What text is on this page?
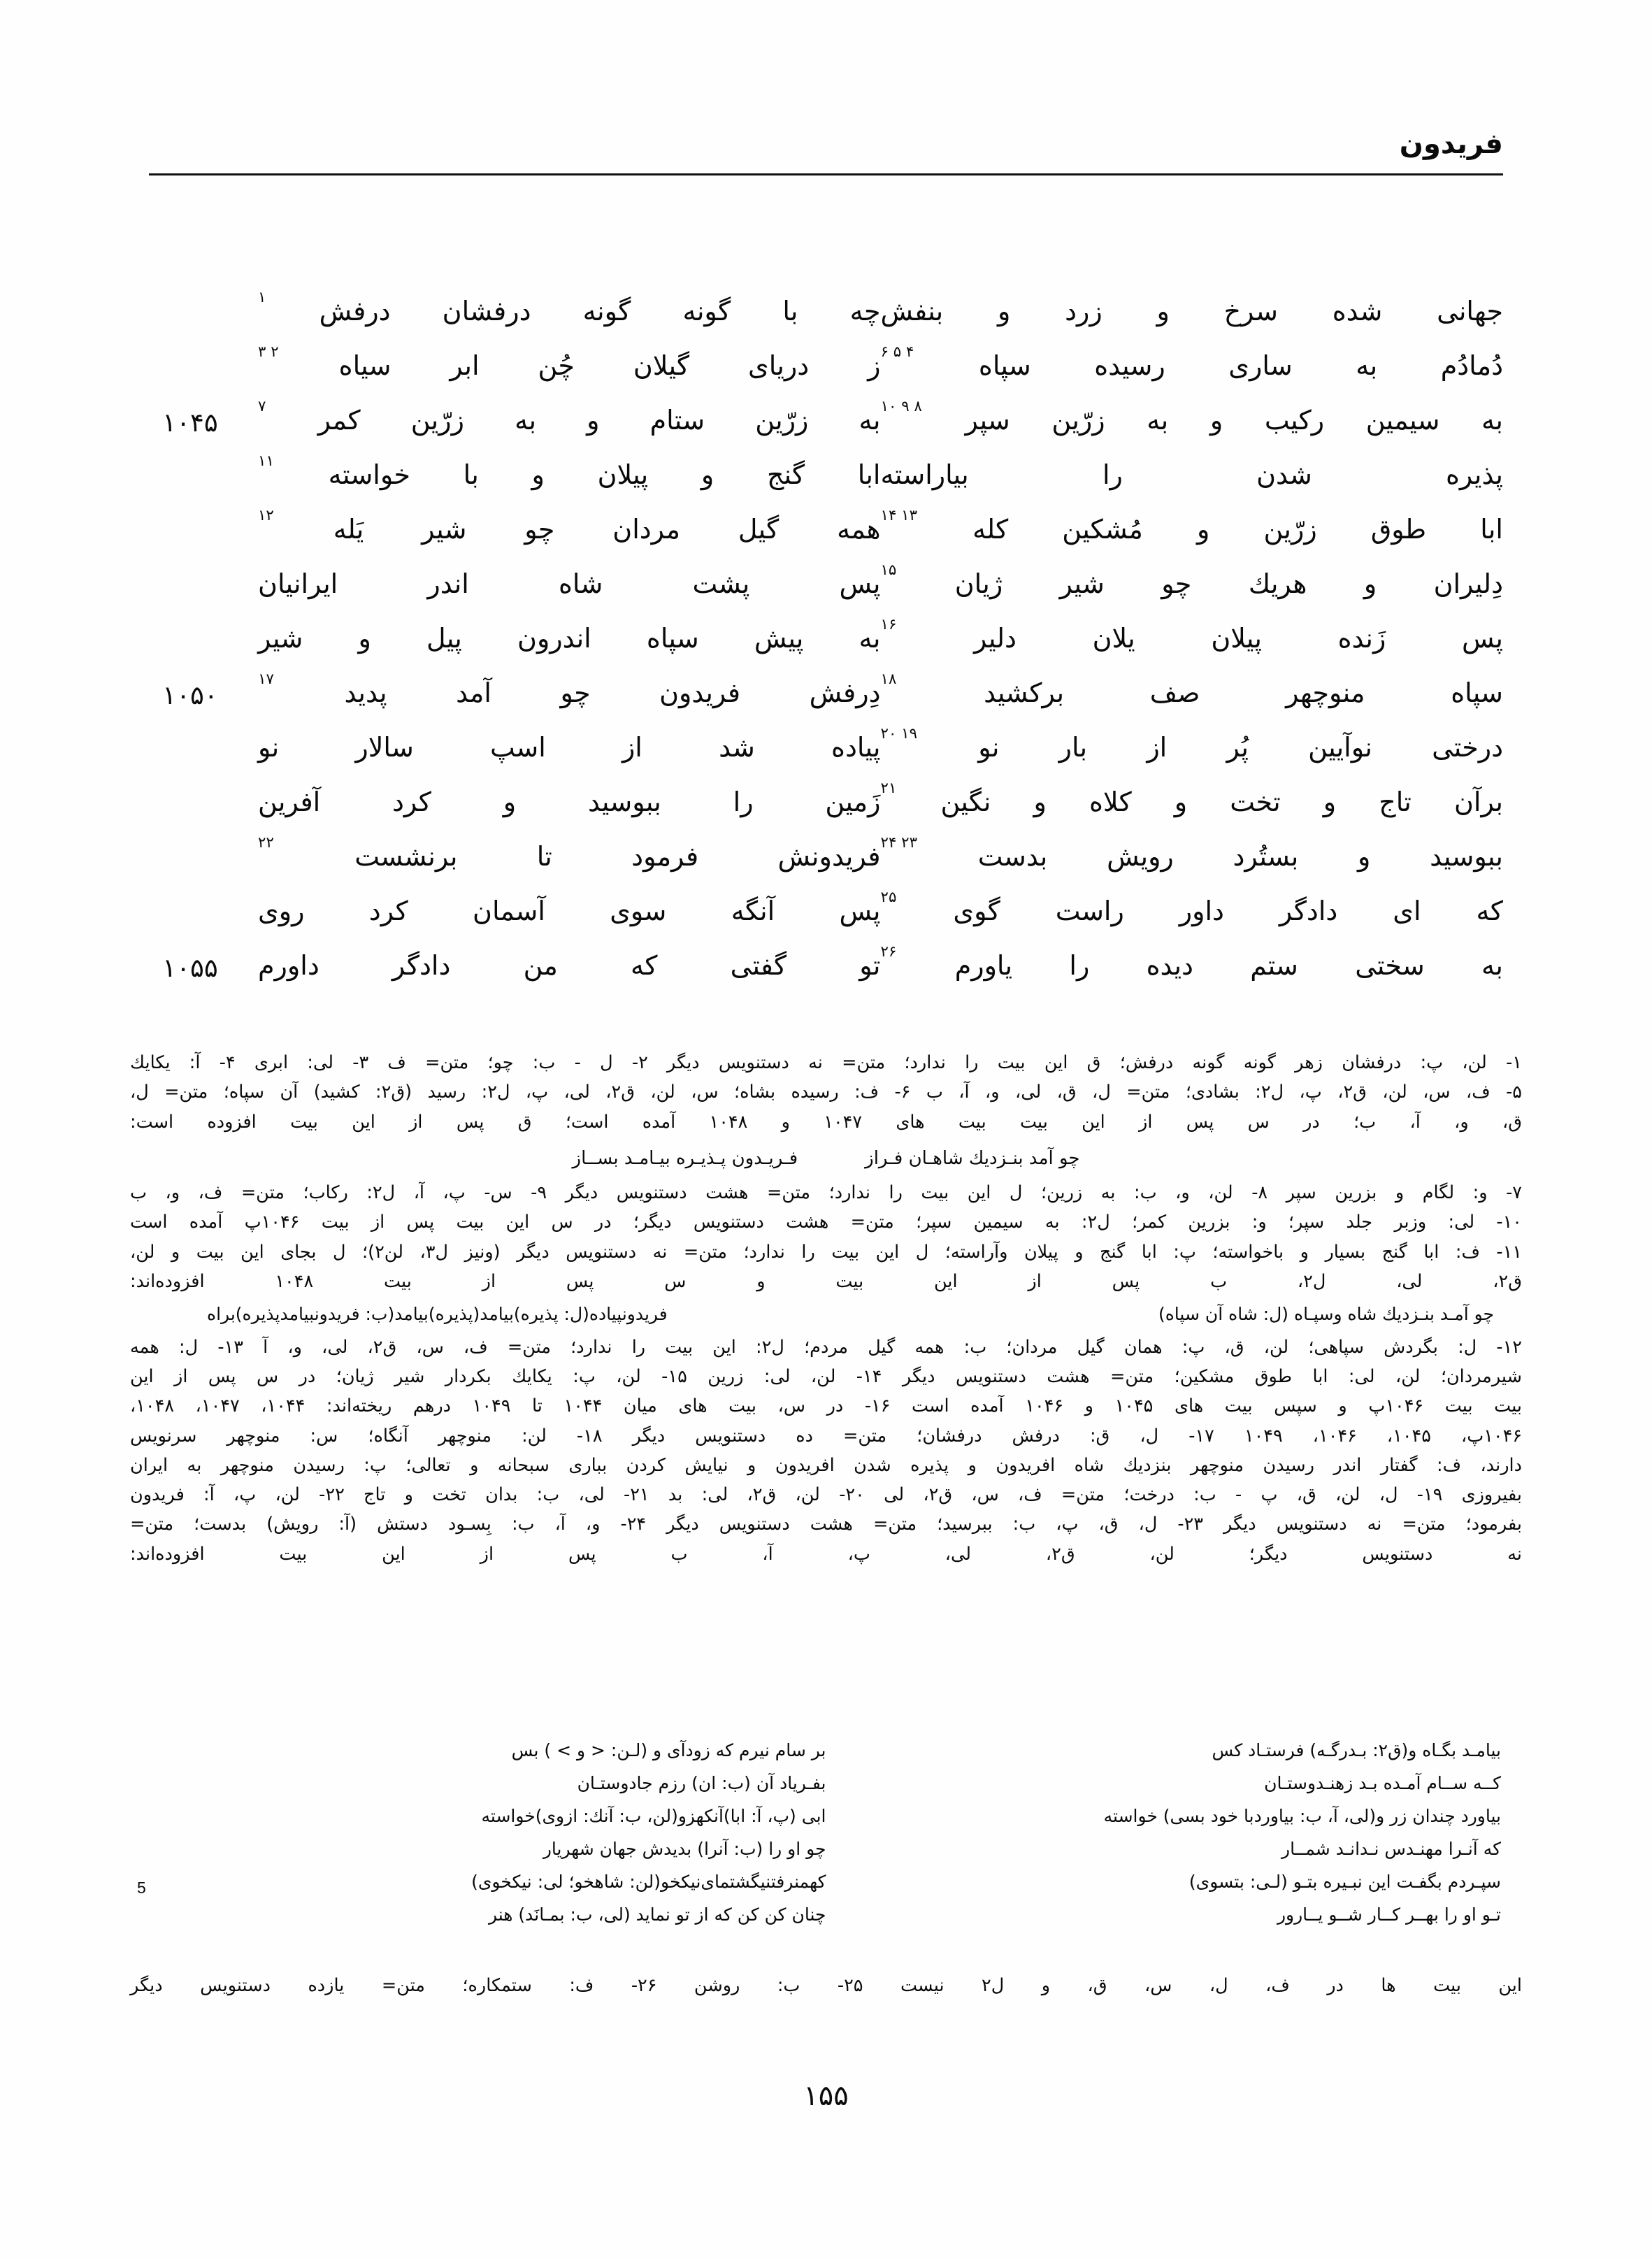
فریدون
جهانی
شده
سرخ
و
زرد
و
بنفش
چه
با
گونه
گونه
درفشان
درفش
۱
دُمادُم
به
ساری
رسیده
سپاه
۴ ۵ ۶
ز
دریای
گیلان
چُن
ابر
سیاه
۲ ۳
به
سیمین
رکیب
و
به
زرّین
سپر
۸ ۹ ۱۰
به
زرّین
ستام
و
به
زرّین
کمر
۷
۱۰۴۵
پذیره
شدن
را
بیاراسته
ابا
گنج
و
پیلان
و
با
خواسته
۱۱
ابا
طوق
زرّین
و
مُشکین
کله
۱۳ ۱۴
همه
گیل
مردان
چو
شیر
یَله
۱۲
دِلیران
و
هریك
چو
شیر
ژیان
۱۵
پس
پشت
شاه
اندر
ایرانیان
پس
زَنده
پیلان
یلان
دلیر
۱۶
به
پیش
سپاه
اندرون
پیل
و
شیر
سپاه
منوچهر
صف
برکشید
۱۸
دِرفش
فریدون
چو
آمد
پدید
۱۷
۱۰۵۰
درختی
نوآیین
پُر
از
بار
نو
۱۹ ۲۰
پیاده
شد
از
اسپ
سالار
نو
برآن
تاج
و
تخت
و
کلاه
و
نگین
۲۱
زَمین
را
ببوسید
و
کرد
آفرین
ببوسید
و
بستُرد
رویش
بدست
۲۳ ۲۴
فریدونش
فرمود
تا
برنشست
۲۲
که
ای
دادگر
داور
راست
گوی
۲۵
پس
آنگه
سوی
آسمان
کرد
روی
به
سختی
ستم
دیده
را
یاورم
۲۶
تو
گفتی
که
من
دادگر
داورم
۱۰۵۵

۱- لن، پ: درفشان زهر گونه گونه درفش؛ ق این بیت را ندارد؛ متن= نه دستنویس دیگر ۲- ل - ب: چو؛ متن= ف ۳- لی: ابری ۴- آ: یكایك

۵- ف، س، لن، ق۲، پ، ل۲: بشادی؛ متن= ل، ق، لی، و، آ، ب ۶- ف: رسیده بشاه؛ س، لن، ق۲، لی، پ، ل۲: رسید (ق۲: کشید) آن سپاه؛ متن= ل،

ق، و، آ، ب؛ در س پس از این بیت بیت های ۱۰۴۷ و ۱۰۴۸ آمده است؛ ق پس از این بیت افزوده است:

چو آمد بنـزدیك شاهـان فـراز
فـریـدون پـذیـره بیـامـد بســاز

۷- و: لگام و بزرین سپر ۸- لن، و، ب: به زرین؛ ل این بیت را ندارد؛ متن= هشت دستنویس دیگر ۹- س- پ، آ، ل۲: رکاب؛ متن= ف، و، ب

۱۰- لی: وزبر جلد سپر؛ و: بزرین کمر؛ ل۲: به سیمین سپر؛ متن= هشت دستنویس دیگر؛ در س این بیت پس از بیت ۱۰۴۶پ آمده است

۱۱- ف: ابا گنج بسیار و باخواسته؛ پ: ابا گنج و پیلان وآراسته؛ ل این بیت را ندارد؛ متن= نه دستنویس دیگر (ونیز ل۳، لن۲)؛ ل بجای این بیت و لن،

ق۲، لی، ل۲، ب پس از این بیت و س پس از بیت ۱۰۴۸ افزوده‌اند:

چو آمـد بنـزدیك شاه وسپـاه (ل: شاه آن سپاه)
فریدونپیاده(ل: پذیره)بیامد(پذیره)بیامد(ب: فریدونبیامدپذیره)براه

۱۲- ل: بگردش سپاهی؛ لن، ق، پ: همان گیل مردان؛ ب: همه گیل مردم؛ ل۲: این بیت را ندارد؛ متن= ف، س، ق۲، لی، و، آ ۱۳- ل: همه

شیرمردان؛ لن، لی: ابا طوق مشکین؛ متن= هشت دستنویس دیگر ۱۴- لن، لی: زرین ۱۵- لن، پ: یكایك بكردار شیر ژیان؛ در س پس از این

بیت بیت ۱۰۴۶پ و سپس بیت های ۱۰۴۵ و ۱۰۴۶ آمده است ۱۶- در س، بیت های میان ۱۰۴۴ تا ۱۰۴۹ درهم ریخته‌اند: ۱۰۴۴، ۱۰۴۷، ۱۰۴۸،

۱۰۴۶پ، ۱۰۴۵، ۱۰۴۶، ۱۰۴۹ ۱۷- ل، ق: درفش درفشان؛ متن= ده دستنویس دیگر ۱۸- لن: منوچهر آنگاه؛ س: منوچهر سرنویس

دارند، ف: گفتار اندر رسیدن منوچهر بنزدیك شاه افریدون و پذیره شدن افریدون و نیایش کردن بباری سبحانه و تعالی؛ پ: رسیدن منوچهر به ایران

بفیروزی ۱۹- ل، لن، ق، پ - ب: درخت؛ متن= ف، س، ق۲، لی ۲۰- لن، ق۲، لی: بد ۲۱- لی، ب: بدان تخت و تاج ۲۲- لن، پ، آ: فریدون

بفرمود؛ متن= نه دستنویس دیگر ۲۳- ل، ق، پ، ب: ببرسید؛ متن= هشت دستنویس دیگر ۲۴- و، آ، ب: بِسـود دستش (آ: رویش) بدست؛ متن=

نه دستنویس دیگر؛ لن، ق۲، لی، پ، آ، ب پس از این بیت افزوده‌اند:

بیامـد بگـاه و(ق۲: بـدرگـه) فرستـاد کس
بر سام نیرم که زودآی و (لـن: < و > ) بس
کــه ســام آمـده بـد زهنـدوستـان
بفـریاد آن (ب: ان) رزم جادوستـان
بیاورد چندان زر و(لی، آ، ب: بیاوردبا خود بسی) خواسته
ابی (پ، آ: ابا)آنكهزو(لن، ب: آنك: ازوی)خواسته
که آنـرا مهنـدس نـدانـد شمــار
چو او را (ب: آنرا) بدیدش جهان شهریار
سپـردم بگفـت این نبـیره بتـو (لـی: بتسوی)
کهمنرفتنیگشتمای‌نیکخو(لن: شاهخو؛ لی: نیکخوی)
5
تـو او را بهــر کــار شــو یــارور
چنان کن کن که از تو نماید (لی، ب: بمـانَد) هنر
این بیت ها در ف، ل، س، ق، و ل۲ نیست ۲۵- ب: روشن ۲۶- ف: ستمکاره؛ متن= یازده دستنویس دیگر
۱۵۵
